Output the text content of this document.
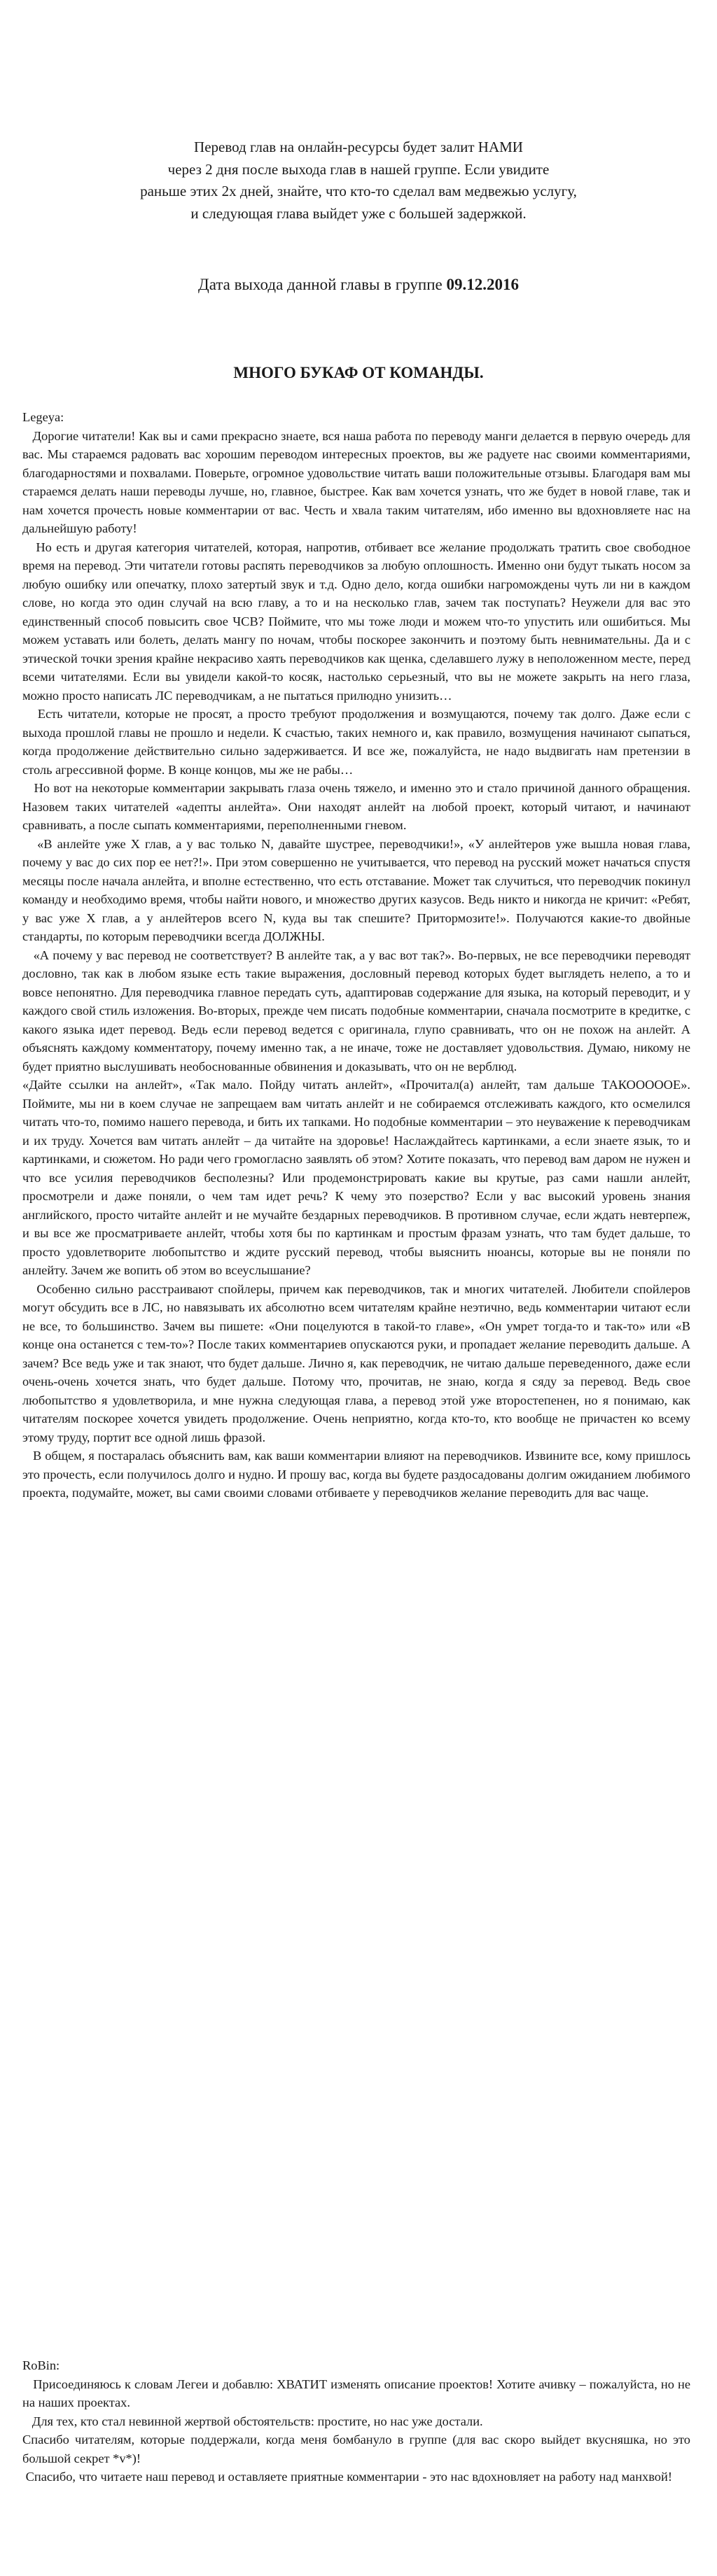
Перевод глав на онлайн-ресурсы будет залит НАМИ

через 2 дня после выхода глав в нашей группе. Если увидите

раньше этих 2х дней, знайте, что кто-то сделал вам медвежью услугу,

и следующая глава выйдет уже с большей задержкой.

Дата выхода данной главы в группе 09.12.2016

МНОГО БУКАФ ОТ КОМАНДЫ.

Legeya:

Дорогие читатели! Как вы и сами прекрасно знаете, вся наша работа по переводу манги делается в первую очередь для вас. Мы стараемся радовать вас хорошим переводом интересных проектов, вы же радуете нас своими комментариями, благодарностями и похвалами. Поверьте, огромное удовольствие читать ваши положительные отзывы. Благодаря вам мы стараемся делать наши переводы лучше, но, главное, быстрее. Как вам хочется узнать, что же будет в новой главе, так и нам хочется прочесть новые комментарии от вас. Честь и хвала таким читателям, ибо именно вы вдохновляете нас на дальнейшую работу!

Но есть и другая категория читателей, которая, напротив, отбивает все желание продолжать тратить свое свободное время на перевод. Эти читатели готовы распять переводчиков за любую оплошность. Именно они будут тыкать носом за любую ошибку или опечатку, плохо затертый звук и т.д. Одно дело, когда ошибки нагромождены чуть ли ни в каждом слове, но когда это один случай на всю главу, а то и на несколько глав, зачем так поступать? Неужели для вас это единственный способ повысить свое ЧСВ? Поймите, что мы тоже люди и можем что-то упустить или ошибиться. Мы можем уставать или болеть, делать мангу по ночам, чтобы поскорее закончить и поэтому быть невнимательны. Да и с этической точки зрения крайне некрасиво хаять переводчиков как щенка, сделавшего лужу в неположенном месте, перед всеми читателями. Если вы увидели какой-то косяк, настолько серьезный, что вы не можете закрыть на него глаза, можно просто написать ЛС переводчикам, а не пытаться прилюдно унизить…

Есть читатели, которые не просят, а просто требуют продолжения и возмущаются, почему так долго. Даже если с выхода прошлой главы не прошло и недели. К счастью, таких немного и, как правило, возмущения начинают сыпаться, когда продолжение действительно сильно задерживается. И все же, пожалуйста, не надо выдвигать нам претензии в столь агрессивной форме. В конце концов, мы же не рабы…

Но вот на некоторые комментарии закрывать глаза очень тяжело, и именно это и стало причиной данного обращения. Назовем таких читателей «адепты анлейта». Они находят анлейт на любой проект, который читают, и начинают сравнивать, а после сыпать комментариями, переполненными гневом.

«В анлейте уже X глав, а у вас только N, давайте шустрее, переводчики!», «У анлейтеров уже вышла новая глава, почему у вас до сих пор ее нет?!». При этом совершенно не учитывается, что перевод на русский может начаться спустя месяцы после начала анлейта, и вполне естественно, что есть отставание. Может так случиться, что переводчик покинул команду и необходимо время, чтобы найти нового, и множество других казусов. Ведь никто и никогда не кричит: «Ребят, у вас уже X глав, а у анлейтеров всего N, куда вы так спешите? Притормозите!». Получаются какие-то двойные стандарты, по которым переводчики всегда ДОЛЖНЫ.

«А почему у вас перевод не соответствует? В анлейте так, а у вас вот так?». Во-первых, не все переводчики переводят дословно, так как в любом языке есть такие выражения, дословный перевод которых будет выглядеть нелепо, а то и вовсе непонятно. Для переводчика главное передать суть, адаптировав содержание для языка, на который переводит, и у каждого свой стиль изложения. Во-вторых, прежде чем писать подобные комментарии, сначала посмотрите в кредитке, с какого языка идет перевод. Ведь если перевод ведется с оригинала, глупо сравнивать, что он не похож на анлейт. А объяснять каждому комментатору, почему именно так, а не иначе, тоже не доставляет удовольствия. Думаю, никому не будет приятно выслушивать необоснованные обвинения и доказывать, что он не верблюд.

«Дайте ссылки на анлейт», «Так мало. Пойду читать анлейт», «Прочитал(а) анлейт, там дальше ТАКООООOЕ». Поймите, мы ни в коем случае не запрещаем вам читать анлейт и не собираемся отслеживать каждого, кто осмелился читать что-то, помимо нашего перевода, и бить их тапками. Но подобные комментарии – это неуважение к переводчикам и их труду. Хочется вам читать анлейт – да читайте на здоровье! Наслаждайтесь картинками, а если знаете язык, то и картинками, и сюжетом. Но ради чего громогласно заявлять об этом? Хотите показать, что перевод вам даром не нужен и что все усилия переводчиков бесполезны? Или продемонстрировать какие вы крутые, раз сами нашли анлейт, просмотрели и даже поняли, о чем там идет речь? К чему это позерство? Если у вас высокий уровень знания английского, просто читайте анлейт и не мучайте бездарных переводчиков. В противном случае, если ждать невтерпеж, и вы все же просматриваете анлейт, чтобы хотя бы по картинкам и простым фразам узнать, что там будет дальше, то просто удовлетворите любопытство и ждите русский перевод, чтобы выяснить нюансы, которые вы не поняли по анлейту. Зачем же вопить об этом во всеуслышание?

Особенно сильно расстраивают спойлеры, причем как переводчиков, так и многих читателей. Любители спойлеров могут обсудить все в ЛС, но навязывать их абсолютно всем читателям крайне неэтично, ведь комментарии читают если не все, то большинство. Зачем вы пишете: «Они поцелуются в такой-то главе», «Он умрет тогда-то и так-то» или «В конце она останется с тем-то»? После таких комментариев опускаются руки, и пропадает желание переводить дальше. А зачем? Все ведь уже и так знают, что будет дальше. Лично я, как переводчик, не читаю дальше переведенного, даже если очень-очень хочется знать, что будет дальше. Потому что, прочитав, не знаю, когда я сяду за перевод. Ведь свое любопытство я удовлетворила, и мне нужна следующая глава, а перевод этой уже второстепенен, но я понимаю, как читателям поскорее хочется увидеть продолжение. Очень неприятно, когда кто-то, кто вообще не причастен ко всему этому труду, портит все одной лишь фразой.

В общем, я постаралась объяснить вам, как ваши комментарии влияют на переводчиков. Извините все, кому пришлось это прочесть, если получилось долго и нудно. И прошу вас, когда вы будете раздосадованы долгим ожиданием любимого проекта, подумайте, может, вы сами своими словами отбиваете у переводчиков желание переводить для вас чаще.

RoBin:

Присоединяюсь к словам Легеи и добавлю: ХВАТИТ изменять описание проектов! Хотите ачивку – пожалуйста, но не на наших проектах.

Для тех, кто стал невинной жертвой обстоятельств: простите, но нас уже достали.

Спасибо читателям, которые поддержали, когда меня бомбануло в группе (для вас скоро выйдет вкусняшка, но это большой секрет *v*)!

Спасибо, что читаете наш перевод и оставляете приятные комментарии - это нас вдохновляет на работу над манхвой!
